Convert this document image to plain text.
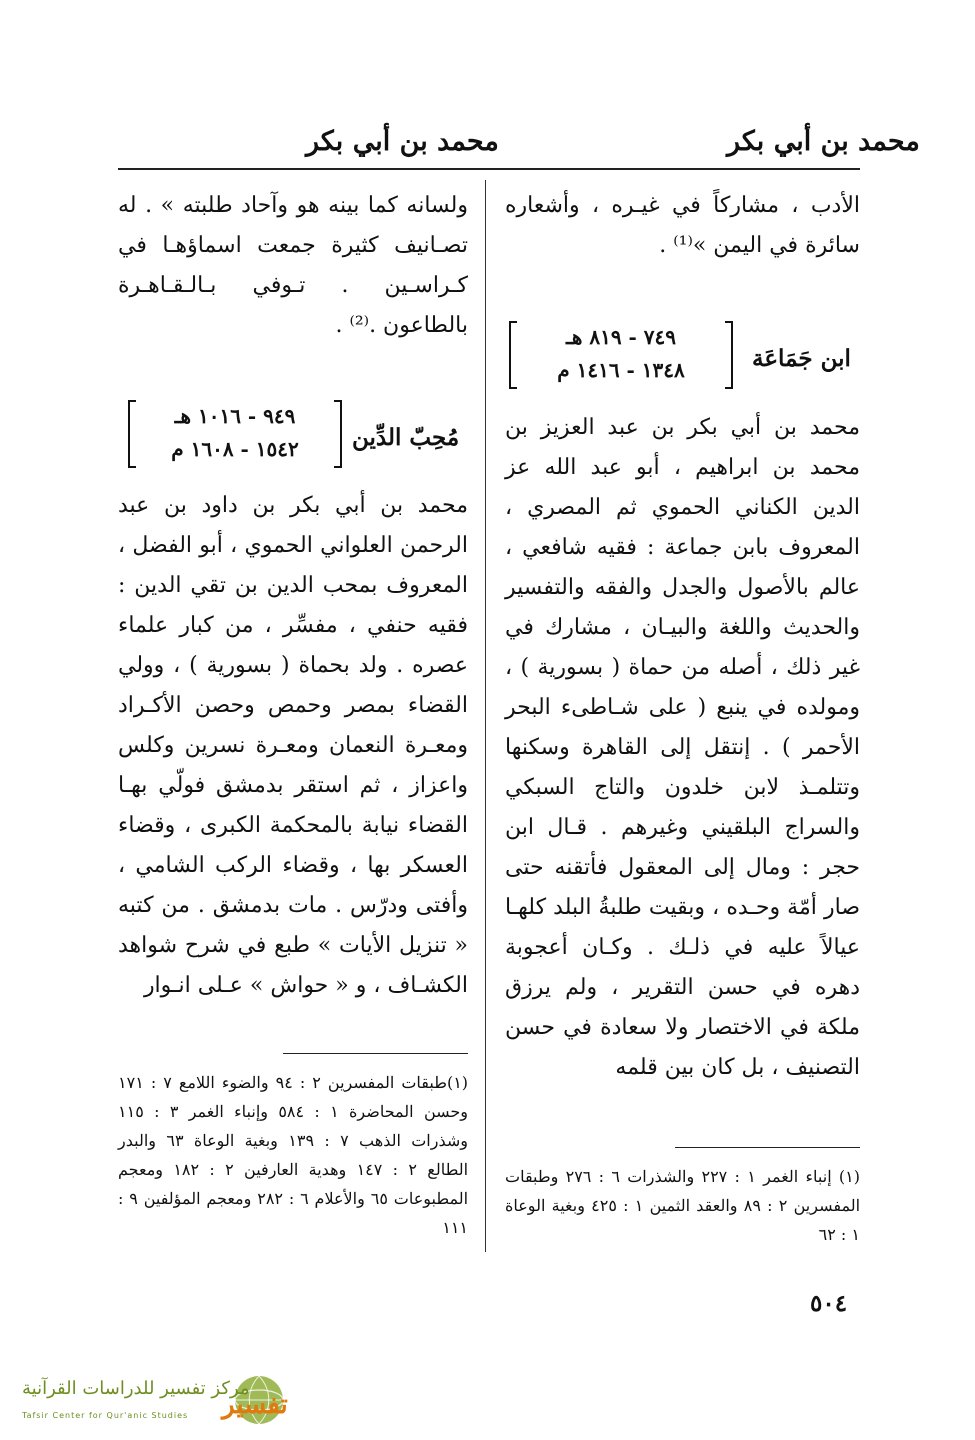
محمد بن أبي بكر
محمد بن أبي بكر

الأدب ، مشاركاً في غيـره ، وأشعاره سائرة في اليمن »⁽¹⁾ .

ابن جَمَاعَة
٧٤٩ - ٨١٩ هـ
١٣٤٨ - ١٤١٦ م

محمد بن أبي بكر بن عبد العزيز بن محمد بن ابراهيم ، أبو عبد الله عز الدين الكناني الحموي ثم المصري ، المعروف بابن جماعة : فقيه شافعي ، عالم بالأصول والجدل والفقه والتفسير والحديث واللغة والبيـان ، مشارك في غير ذلك ، أصله من حماة ( بسورية ) ، ومولده في ينبع ( على شـاطىء البحر الأحمر ) . إنتقل إلى القاهرة وسكنها وتتلمـذ لابن خلدون والتاج السبكي والسراج البلقيني وغيرهم . قـال ابن حجر : ومال إلى المعقول فأتقنه حتى صار أمّة وحـده ، وبقيت طلبةُ البلد كلهـا عيالاً عليه في ذلـك . وكـان أعجوبة دهره في حسن التقرير ، ولم يرزق ملكة في الاختصار ولا سعادة في حسن التصنيف ، بل كان بين قلمه

(١) إنباء الغمر ١ : ٢٢٧ والشذرات ٦ : ٢٧٦ وطبقات المفسرين ٢ : ٨٩ والعقد الثمين ١ : ٤٢٥ وبغية الوعاة ١ : ٦٢

ولسانه كما بينه هو وآحاد طلبته » . له تصـانيف كثيرة جمعت اسماؤهـا في كـراسـين . تـوفي بـالـقـاهـرة بالطاعون .⁽²⁾ .

مُحِبّ الدِّين
٩٤٩ - ١٠١٦ هـ
١٥٤٢ - ١٦٠٨ م

محمد بن أبي بكر بن داود بن عبد الرحمن العلواني الحموي ، أبو الفضل ، المعروف بمحب الدين بن تقي الدين : فقيه حنفي ، مفسِّر ، من كبار علماء عصره . ولد بحماة ( بسورية ) ، وولي القضاء بمصر وحمص وحصن الأكـراد ومعـرة النعمان ومعـرة نسرين وكلس واعزاز ، ثم استقر بدمشق فولّي بهـا القضاء نيابة بالمحكمة الكبرى ، وقضاء العسكر بها ، وقضاء الركب الشامي ، وأفتى ودرّس . مات بدمشق . من كتبه « تنزيل الأيات » طبع في شرح شواهد الكشـاف ، و « حواش » عـلى انـوار

(١)طبقات المفسرين ٢ : ٩٤ والضوء اللامع ٧ : ١٧١ وحسن المحاضرة ١ : ٥٨٤ وإنباء الغمر ٣ : ١١٥ وشذرات الذهب ٧ : ١٣٩ وبغية الوعاة ٦٣ والبدر الطالع ٢ : ١٤٧ وهدية العارفين ٢ : ١٨٢ ومعجم المطبوعات ٦٥ والأعلام ٦ : ٢٨٢ ومعجم المؤلفين ٩ : ١١١

٥٠٤
تفسير
مركز تفسير للدراسات القرآنية
Tafsir Center for Qur'anic Studies
